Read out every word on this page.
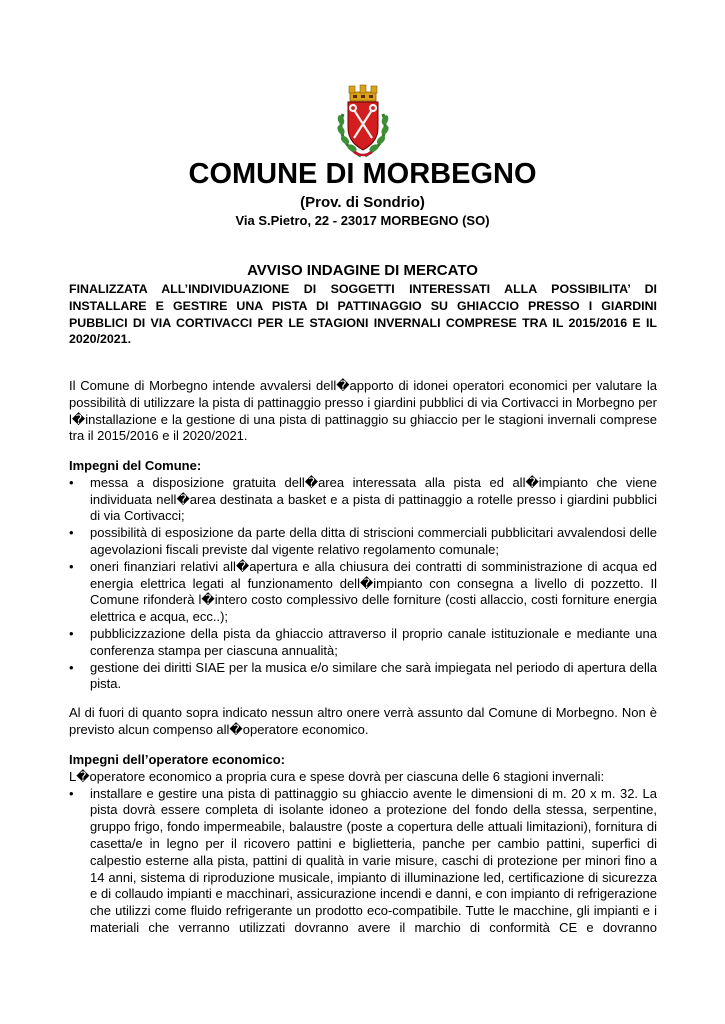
COMUNE DI MORBEGNO
(Prov. di Sondrio)
Via S.Pietro, 22 - 23017 MORBEGNO (SO)
AVVISO INDAGINE DI MERCATO
FINALIZZATA ALL’INDIVIDUAZIONE DI SOGGETTI INTERESSATI ALLA POSSIBILITA’ DI INSTALLARE E GESTIRE UNA PISTA DI PATTINAGGIO SU GHIACCIO PRESSO I GIARDINI PUBBLICI DI VIA CORTIVACCI PER LE STAGIONI INVERNALI COMPRESE TRA IL 2015/2016 E IL 2020/2021.
Il Comune di Morbegno intende avvalersi dell�apporto di idonei operatori economici per valutare la possibilità di utilizzare la pista di pattinaggio presso i giardini pubblici di via Cortivacci in Morbegno per l�installazione e la gestione di una pista di pattinaggio su ghiaccio per le stagioni invernali comprese tra il 2015/2016 e il 2020/2021.
Impegni del Comune:
•	messa a disposizione gratuita dell�area interessata alla pista ed all�impianto che viene individuata nell�area destinata a basket e a pista di pattinaggio a rotelle presso i giardini pubblici di via Cortivacci;
•	possibilità di esposizione da parte della ditta di striscioni commerciali pubblicitari avvalendosi delle agevolazioni fiscali previste dal vigente relativo regolamento comunale;
•	oneri finanziari relativi all�apertura e alla chiusura dei contratti di somministrazione di acqua ed energia elettrica legati al funzionamento dell�impianto con consegna a livello di pozzetto. Il Comune rifonderà l�intero costo complessivo delle forniture (costi allaccio, costi forniture energia elettrica e acqua, ecc..);
•	pubblicizzazione della pista da ghiaccio attraverso il proprio canale istituzionale e mediante una conferenza stampa per ciascuna annualità;
•	gestione dei diritti SIAE per la musica e/o similare che sarà impiegata nel periodo di apertura della pista.
Al di fuori di quanto sopra indicato nessun altro onere verrà assunto dal Comune di Morbegno. Non è previsto alcun compenso all�operatore economico.
Impegni dell’operatore economico:
L�operatore economico a propria cura e spese dovrà per ciascuna delle 6 stagioni invernali:
•	installare e gestire una pista di pattinaggio su ghiaccio avente le dimensioni di m. 20 x m. 32. La pista dovrà essere completa di isolante idoneo a protezione del fondo della stessa, serpentine, gruppo frigo, fondo impermeabile, balaustre (poste a copertura delle attuali limitazioni), fornitura di casetta/e in legno per il ricovero pattini e biglietteria, panche per cambio pattini, superfici di calpestio esterne alla pista, pattini di qualità in varie misure, caschi di protezione per minori fino a 14 anni, sistema di riproduzione musicale, impianto di illuminazione led, certificazione di sicurezza e di collaudo impianti e macchinari, assicurazione incendi e danni, e con impianto di refrigerazione che utilizzi come fluido refrigerante un prodotto eco-compatibile. Tutte le macchine, gli impianti e i materiali che verranno utilizzati dovranno avere il marchio di conformità CE e dovranno
